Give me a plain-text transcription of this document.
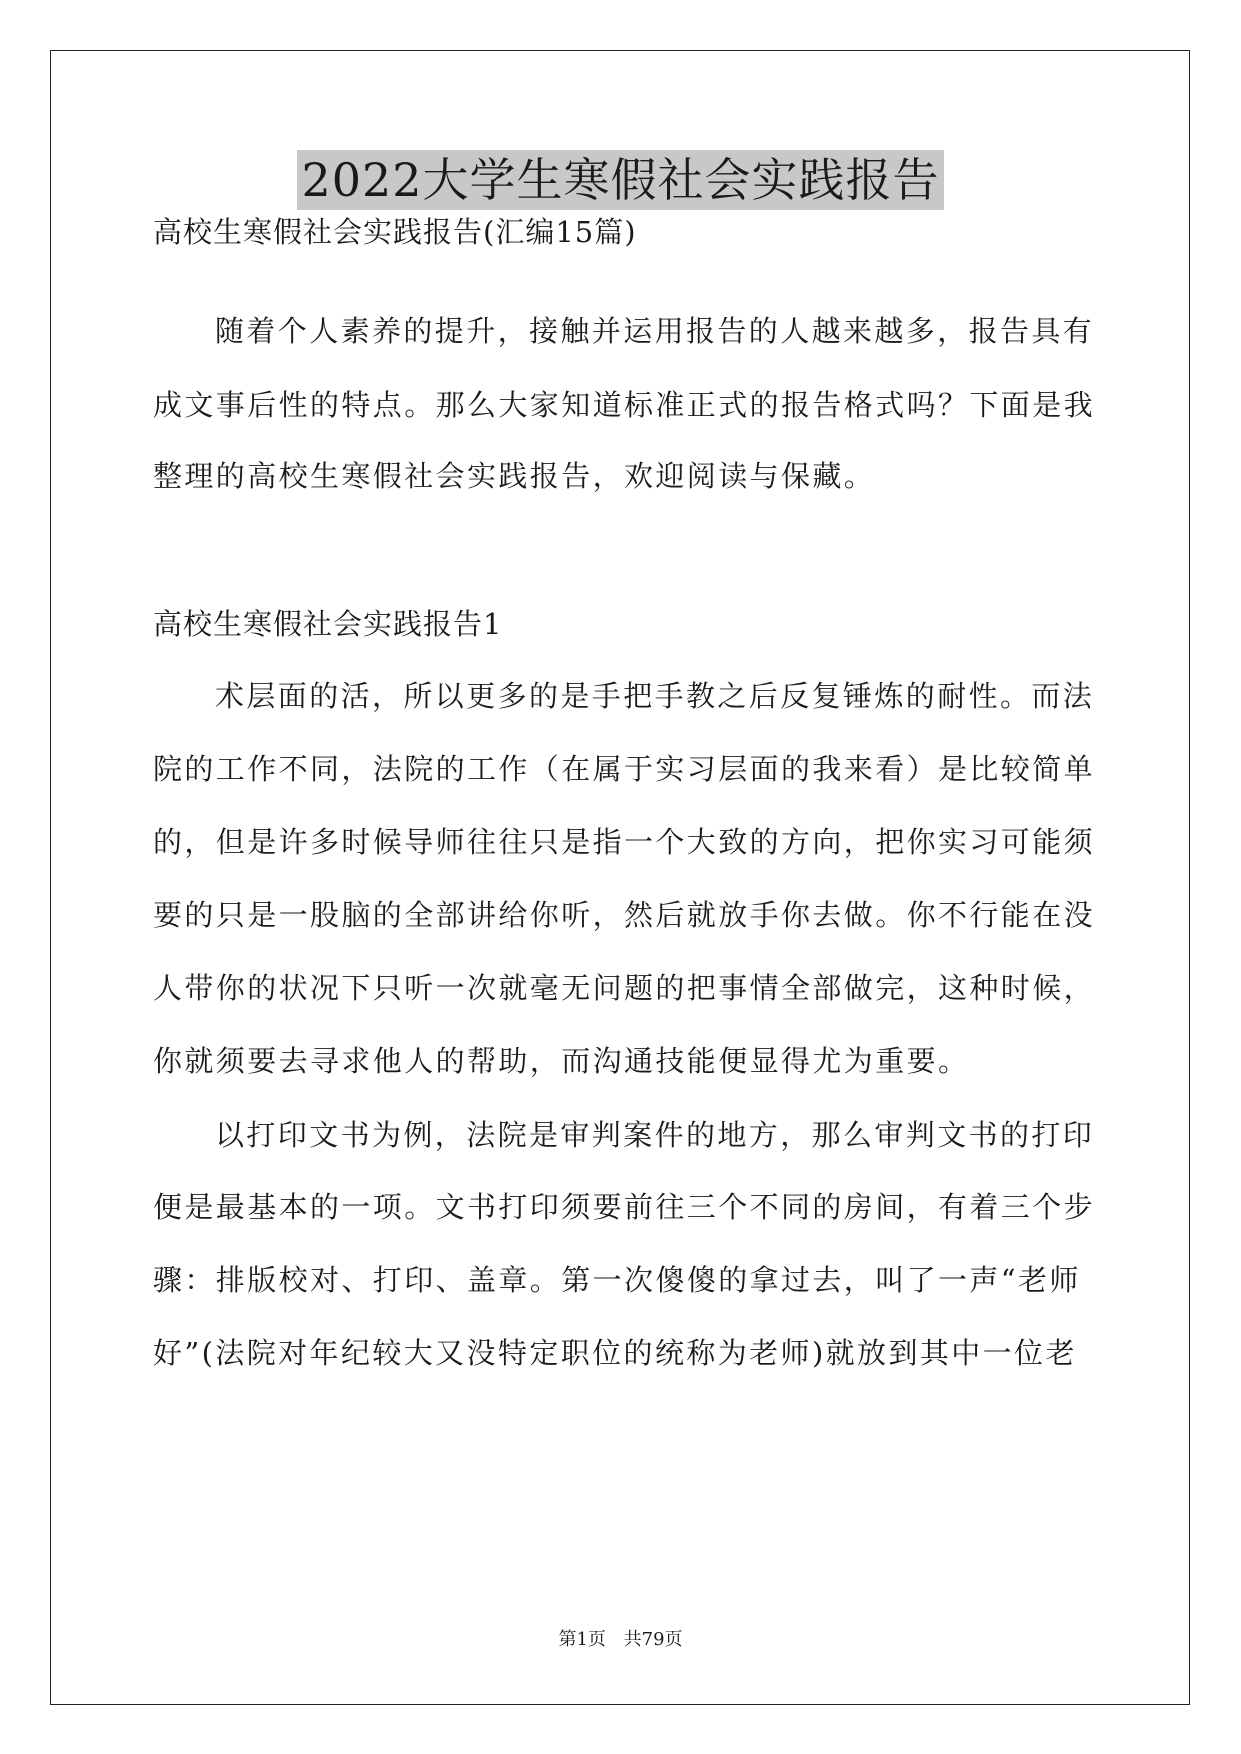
2022大学生寒假社会实践报告
高校生寒假社会实践报告(汇编15篇)
随着个人素养的提升，接触并运用报告的人越来越多，报告具有
成文事后性的特点。那么大家知道标准正式的报告格式吗？下面是我
整理的高校生寒假社会实践报告，欢迎阅读与保藏。
高校生寒假社会实践报告1
术层面的活，所以更多的是手把手教之后反复锤炼的耐性。而法
院的工作不同，法院的工作（在属于实习层面的我来看）是比较简单
的，但是许多时候导师往往只是指一个大致的方向，把你实习可能须
要的只是一股脑的全部讲给你听，然后就放手你去做。你不行能在没
人带你的状况下只听一次就毫无问题的把事情全部做完，这种时候，
你就须要去寻求他人的帮助，而沟通技能便显得尤为重要。
以打印文书为例，法院是审判案件的地方，那么审判文书的打印
便是最基本的一项。文书打印须要前往三个不同的房间，有着三个步
骤：排版校对、打印、盖章。第一次傻傻的拿过去，叫了一声“老师
好”(法院对年纪较大又没特定职位的统称为老师)就放到其中一位老
第1页 共79页
